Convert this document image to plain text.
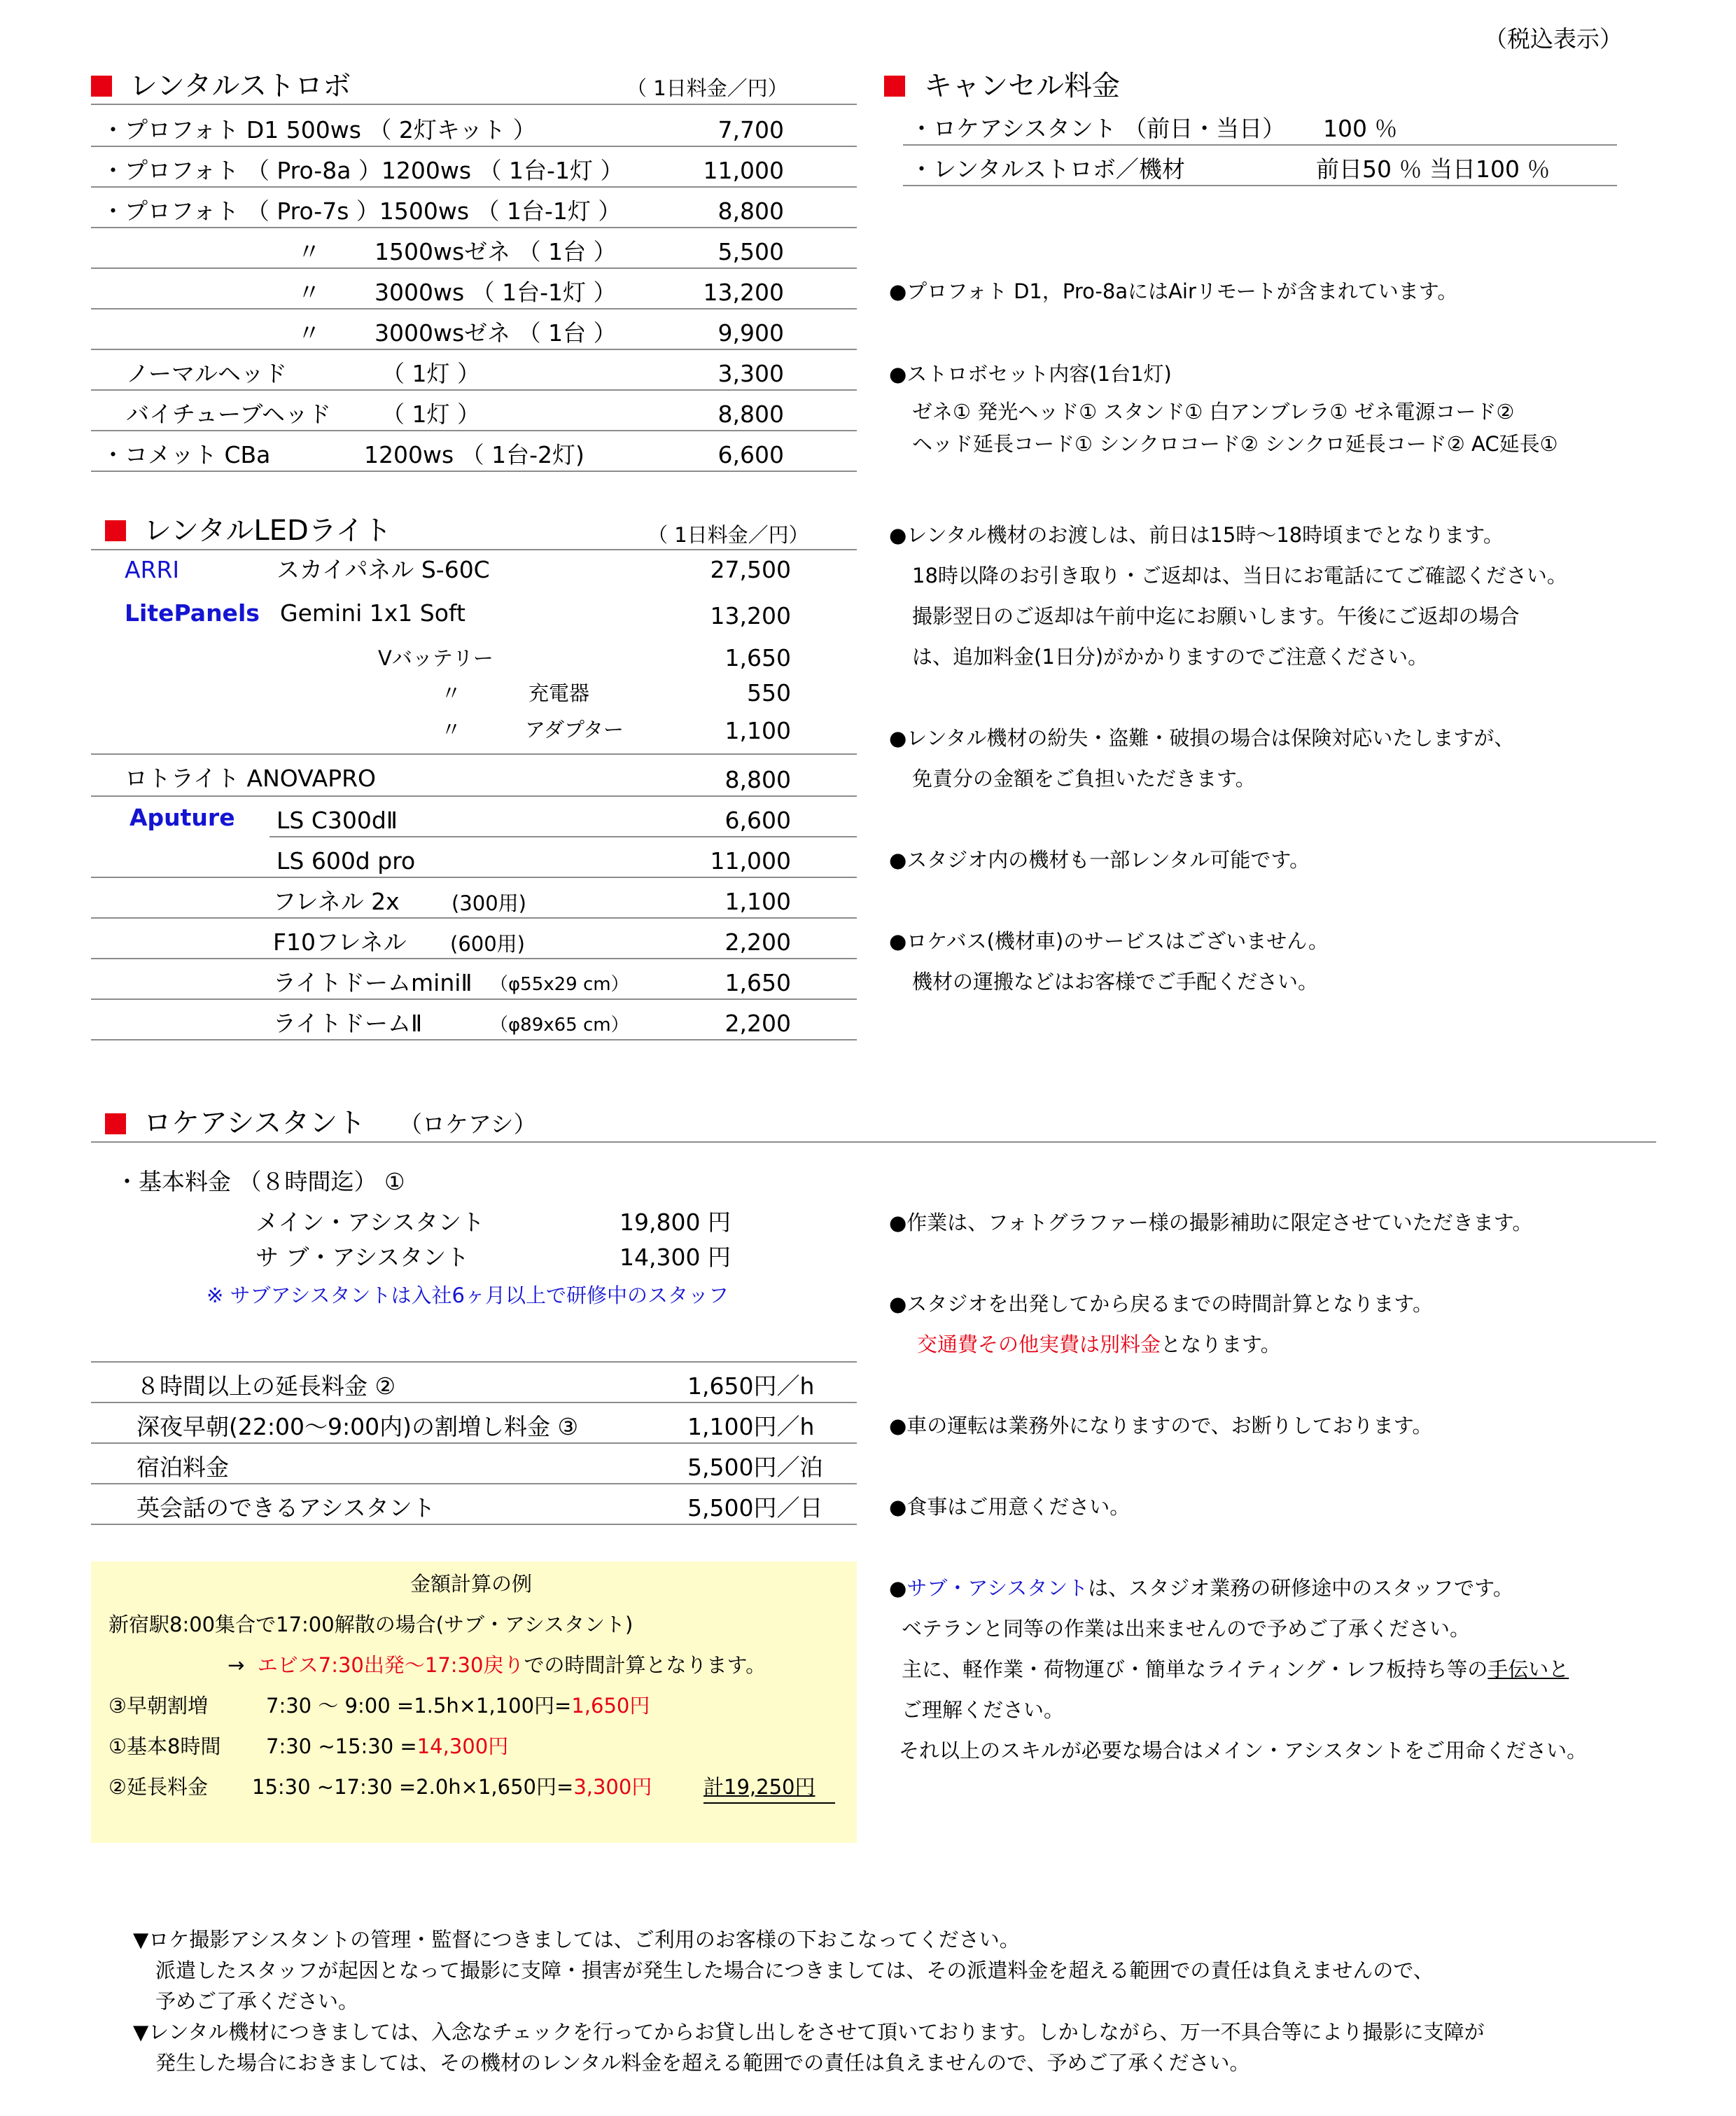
（税込表示）
レンタルストロボ	（ 1日料金／円）
・プロフォト D1 500ws （ 2灯キット ）	7,700
・プロフォト （ Pro-8a ）1200ws （ 1台-1灯 ）	11,000
・プロフォト （ Pro-7s ）1500ws （ 1台-1灯 ）	8,800
〃 1500wsゼネ （ 1台 ）	5,500
〃 3000ws （ 1台-1灯 ）	13,200
〃 3000wsゼネ （ 1台 ）	9,900
ノーマルヘッド	（ 1灯 ）	3,300
バイチューブヘッド （ 1灯 ）	8,800
・コメット CBa	1200ws （ 1台-2灯)	6,600
キャンセル料金
・ロケアシスタント （前日・当日） 100 ％
・レンタルストロボ／機材	前日50 ％ 当日100 ％
●プロフォト D1，Pro-8aにはAirリモートが含まれています。
●ストロボセット内容(1台1灯)
ゼネ① 発光ヘッド① スタンド① 白アンブレラ① ゼネ電源コード②
ヘッド延長コード① シンクロコード② シンクロ延長コード② AC延長①
●レンタル機材のお渡しは、前日は15時～18時頃までとなります。
18時以降のお引き取り・ご返却は、当日にお電話にてご確認ください。
撮影翌日のご返却は午前中迄にお願いします。午後にご返却の場合
は、追加料金(1日分)がかかりますのでご注意ください。
●レンタル機材の紛失・盗難・破損の場合は保険対応いたしますが、
免責分の金額をご負担いただきます。
●スタジオ内の機材も一部レンタル可能です。
●ロケバス(機材車)のサービスはございません。
機材の運搬などはお客様でご手配ください。
レンタルLEDライト	（ 1日料金／円）
ARRI	スカイパネル S-60C	27,500
LitePanels Gemini 1x1 Soft	13,200
Vバッテリー	1,650
〃	充電器	550
〃	アダプター	1,100
ロトライト ANOVAPRO	8,800
Aputure LS C300dⅡ	6,600
LS 600d pro	11,000
フレネル 2x	(300用)	1,100
F10フレネル (600用)	2,200
ライトドームminiⅡ （φ55x29 cm）	1,650
ライトドームⅡ	（φ89x65 cm）	2,200
ロケアシスタント （ロケアシ）
・基本料金 （８時間迄） ①
メイン・アシスタント	19,800 円
サ ブ・アシスタント	14,300 円
※ サブアシスタントは入社6ヶ月以上で研修中のスタッフ
８時間以上の延長料金 ②	1,650円／h
深夜早朝(22:00～9:00内)の割増し料金 ③	1,100円／h
宿泊料金	5,500円／泊
英会話のできるアシスタント	5,500円／日
金額計算の例
新宿駅8:00集合で17:00解散の場合(サブ・アシスタント)
→ エビス7:30出発～17:30戻りでの時間計算となります。
③早朝割増	7:30 ～ 9:00 =1.5h×1,100円=1,650円
①基本8時間 7:30 ~15:30 =14,300円
②延長料金 15:30 ~17:30 =2.0h×1,650円=3,300円	計19,250円
●作業は、フォトグラファー様の撮影補助に限定させていただきます。
●スタジオを出発してから戻るまでの時間計算となります。
交通費その他実費は別料金となります。
●車の運転は業務外になりますので、お断りしております。
●食事はご用意ください。
●サブ・アシスタントは、スタジオ業務の研修途中のスタッフです。
ベテランと同等の作業は出来ませんので予めご了承ください。
主に、軽作業・荷物運び・簡単なライティング・レフ板持ち等の手伝いと
ご理解ください。
それ以上のスキルが必要な場合はメイン・アシスタントをご用命ください。
▼ロケ撮影アシスタントの管理・監督につきましては、ご利用のお客様の下おこなってください。
派遣したスタッフが起因となって撮影に支障・損害が発生した場合につきましては、その派遣料金を超える範囲での責任は負えませんので、
予めご了承ください。
▼レンタル機材につきましては、入念なチェックを行ってからお貸し出しをさせて頂いております。しかしながら、万一不具合等により撮影に支障が
発生した場合におきましては、その機材のレンタル料金を超える範囲での責任は負えませんので、予めご了承ください。
